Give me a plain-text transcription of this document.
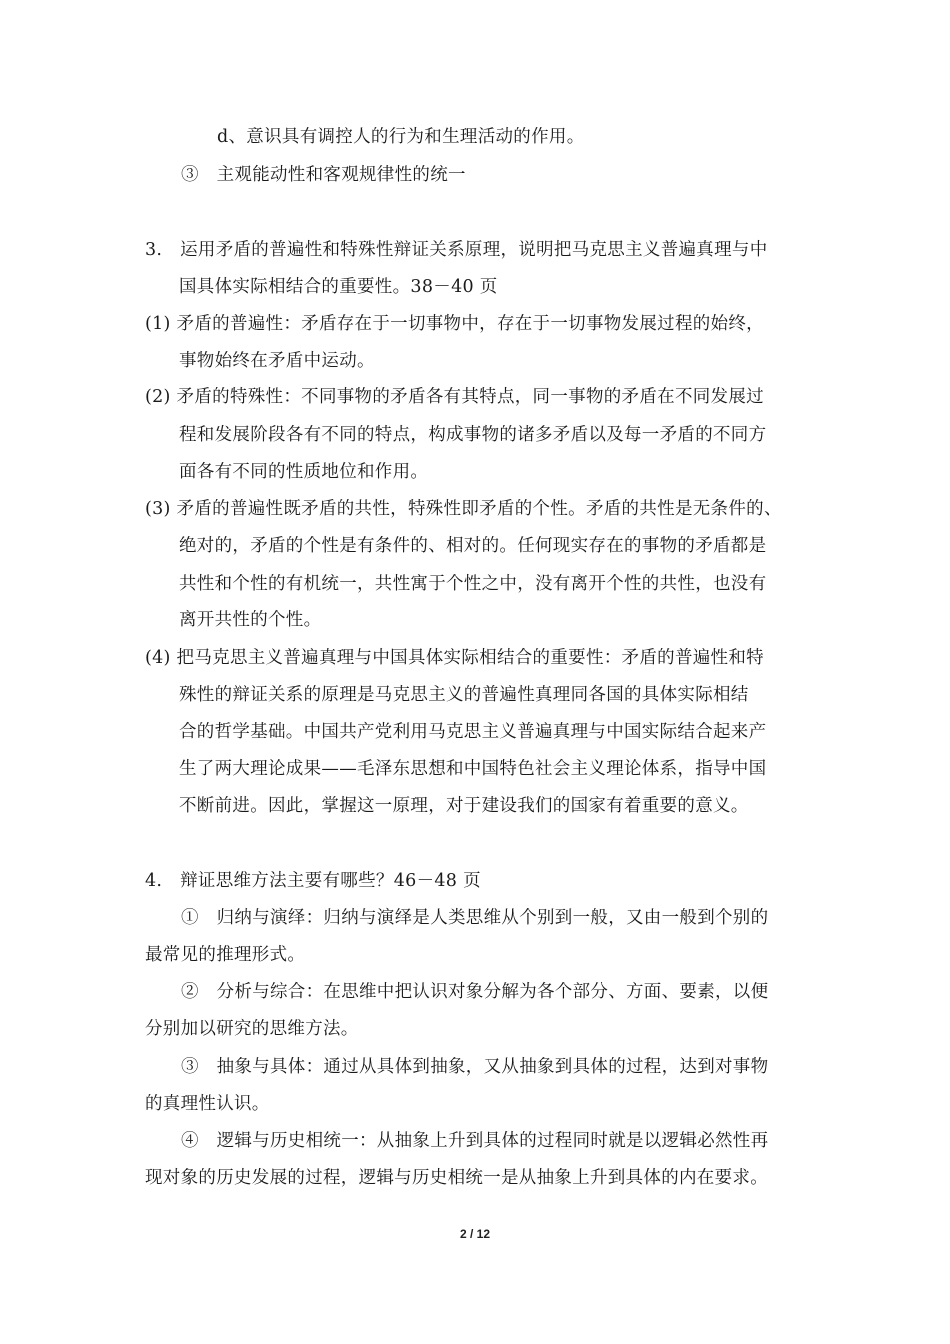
d、意识具有调控人的行为和生理活动的作用。
③　主观能动性和客观规律性的统一
3.　运用矛盾的普遍性和特殊性辩证关系原理，说明把马克思主义普遍真理与中
国具体实际相结合的重要性。38－40 页
(1) 矛盾的普遍性：矛盾存在于一切事物中，存在于一切事物发展过程的始终，
事物始终在矛盾中运动。
(2) 矛盾的特殊性：不同事物的矛盾各有其特点，同一事物的矛盾在不同发展过
程和发展阶段各有不同的特点，构成事物的诸多矛盾以及每一矛盾的不同方
面各有不同的性质地位和作用。
(3) 矛盾的普遍性既矛盾的共性，特殊性即矛盾的个性。矛盾的共性是无条件的、
绝对的，矛盾的个性是有条件的、相对的。任何现实存在的事物的矛盾都是
共性和个性的有机统一，共性寓于个性之中，没有离开个性的共性，也没有
离开共性的个性。
(4) 把马克思主义普遍真理与中国具体实际相结合的重要性：矛盾的普遍性和特
殊性的辩证关系的原理是马克思主义的普遍性真理同各国的具体实际相结
合的哲学基础。中国共产党利用马克思主义普遍真理与中国实际结合起来产
生了两大理论成果——毛泽东思想和中国特色社会主义理论体系，指导中国
不断前进。因此，掌握这一原理，对于建设我们的国家有着重要的意义。
4.　辩证思维方法主要有哪些？46－48 页
①　归纳与演绎：归纳与演绎是人类思维从个别到一般，又由一般到个别的
最常见的推理形式。
②　分析与综合：在思维中把认识对象分解为各个部分、方面、要素，以便
分别加以研究的思维方法。
③　抽象与具体：通过从具体到抽象，又从抽象到具体的过程，达到对事物
的真理性认识。
④　逻辑与历史相统一：从抽象上升到具体的过程同时就是以逻辑必然性再
现对象的历史发展的过程，逻辑与历史相统一是从抽象上升到具体的内在要求。
2 / 12
